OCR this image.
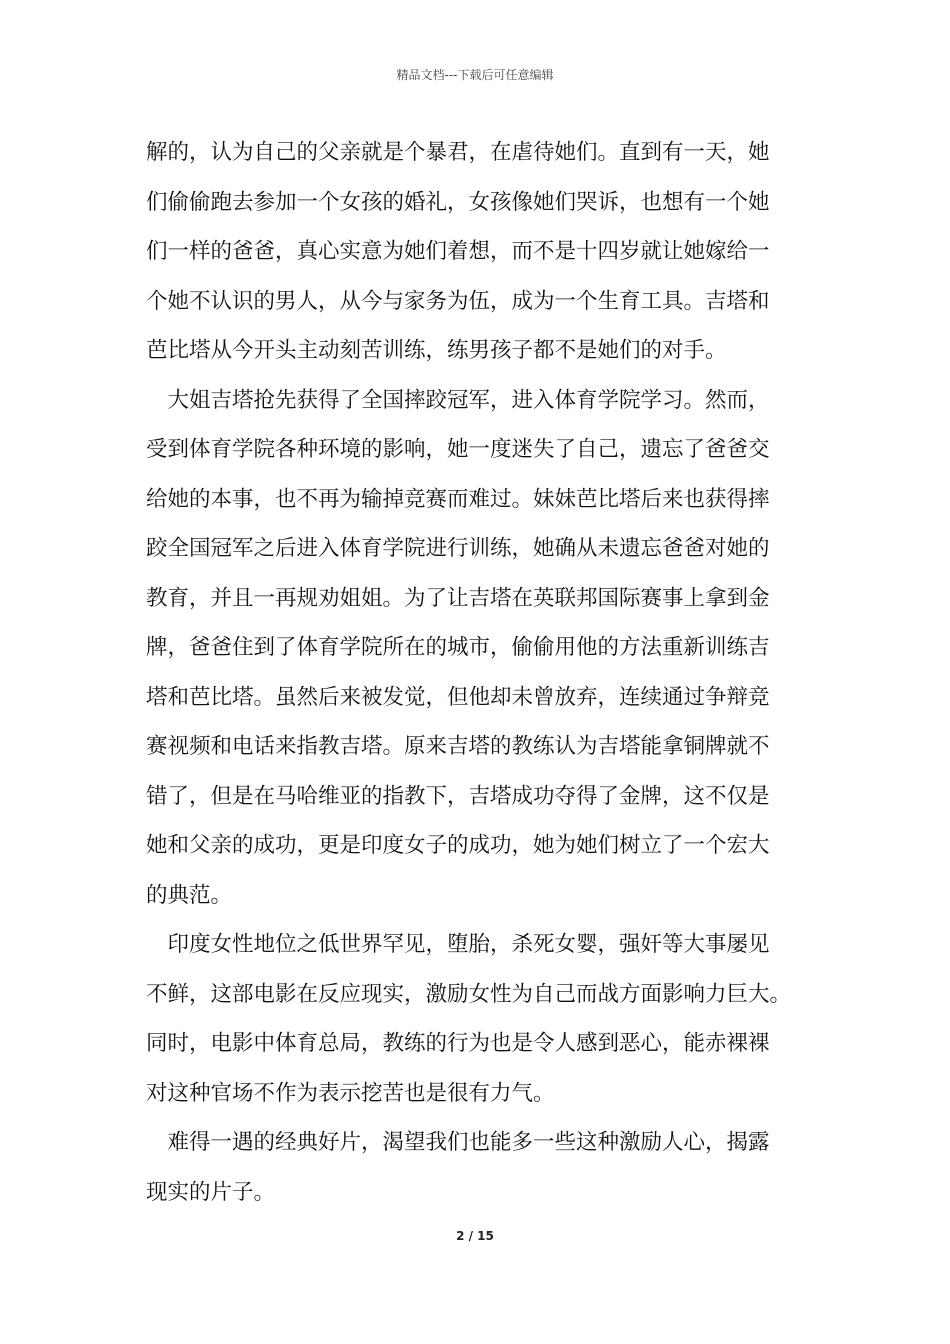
精品文档---下载后可任意编辑
解的，认为自己的父亲就是个暴君，在虐待她们。直到有一天，她
们偷偷跑去参加一个女孩的婚礼，女孩像她们哭诉，也想有一个她
们一样的爸爸，真心实意为她们着想，而不是十四岁就让她嫁给一
个她不认识的男人，从今与家务为伍，成为一个生育工具。吉塔和
芭比塔从今开头主动刻苦训练，练男孩子都不是她们的对手。
　大姐吉塔抢先获得了全国摔跤冠军，进入体育学院学习。然而，
受到体育学院各种环境的影响，她一度迷失了自己，遗忘了爸爸交
给她的本事，也不再为输掉竞赛而难过。妹妹芭比塔后来也获得摔
跤全国冠军之后进入体育学院进行训练，她确从未遗忘爸爸对她的
教育，并且一再规劝姐姐。为了让吉塔在英联邦国际赛事上拿到金
牌，爸爸住到了体育学院所在的城市，偷偷用他的方法重新训练吉
塔和芭比塔。虽然后来被发觉，但他却未曾放弃，连续通过争辩竞
赛视频和电话来指教吉塔。原来吉塔的教练认为吉塔能拿铜牌就不
错了，但是在马哈维亚的指教下，吉塔成功夺得了金牌，这不仅是
她和父亲的成功，更是印度女子的成功，她为她们树立了一个宏大
的典范。
　印度女性地位之低世界罕见，堕胎，杀死女婴，强奸等大事屡见
不鲜，这部电影在反应现实，激励女性为自己而战方面影响力巨大。
同时，电影中体育总局，教练的行为也是令人感到恶心，能赤裸裸
对这种官场不作为表示挖苦也是很有力气。
　难得一遇的经典好片，渴望我们也能多一些这种激励人心，揭露
现实的片子。
2 / 15
